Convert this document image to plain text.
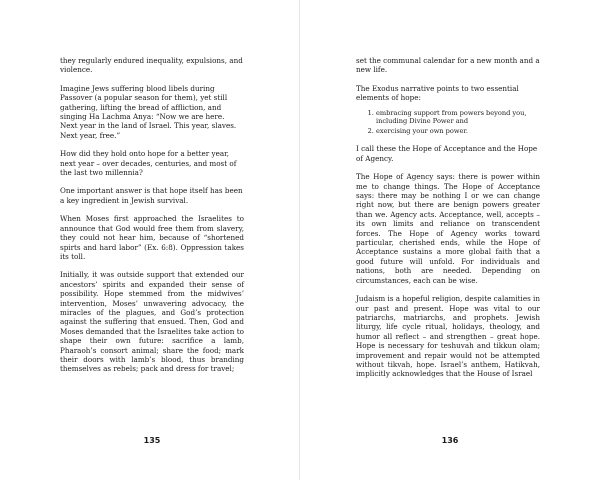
they regularly endured inequality, expulsions, and violence.

Imagine Jews suffering blood libels during Passover (a popular season for them), yet still gathering, lifting the bread of affliction, and singing Ha Lachma Anya: “Now we are here. Next year in the land of Israel. This year, slaves. Next year, free.”

How did they hold onto hope for a better year, next year – over decades, centuries, and most of the last two millennia?

One important answer is that hope itself has been a key ingredient in Jewish survival.

When Moses first approached the Israelites to announce that God would free them from slavery, they could not hear him, because of “shortened spirts and hard labor” (Ex. 6:8). Oppression takes its toll.

Initially, it was outside support that extended our ancestors’ spirits and expanded their sense of possibility. Hope stemmed from the midwives’ intervention, Moses’ unwavering advocacy, the miracles of the plagues, and God’s protection against the suffering that ensued. Then, God and Moses demanded that the Israelites take action to shape their own future: sacrifice a lamb, Pharaoh’s consort animal; share the food; mark their doors with lamb’s blood, thus branding themselves as rebels; pack and dress for travel;

135

set the communal calendar for a new month and a new life.

The Exodus narrative points to two essential elements of hope:

1. embracing support from powers beyond you, including Divine Power and
2. exercising your own power.

I call these the Hope of Acceptance and the Hope of Agency.

The Hope of Agency says: there is power within me to change things. The Hope of Acceptance says: there may be nothing I or we can change right now, but there are benign powers greater than we. Agency acts. Acceptance, well, accepts – its own limits and reliance on transcendent forces. The Hope of Agency works toward particular, cherished ends, while the Hope of Acceptance sustains a more global faith that a good future will unfold. For individuals and nations, both are needed. Depending on circumstances, each can be wise.

Judaism is a hopeful religion, despite calamities in our past and present. Hope was vital to our patriarchs, matriarchs, and prophets. Jewish liturgy, life cycle ritual, holidays, theology, and humor all reflect – and strengthen – great hope. Hope is necessary for teshuvah and tikkun olam; improvement and repair would not be attempted without tikvah, hope. Israel’s anthem, Hatikvah, implicitly acknowledges that the House of Israel

136
